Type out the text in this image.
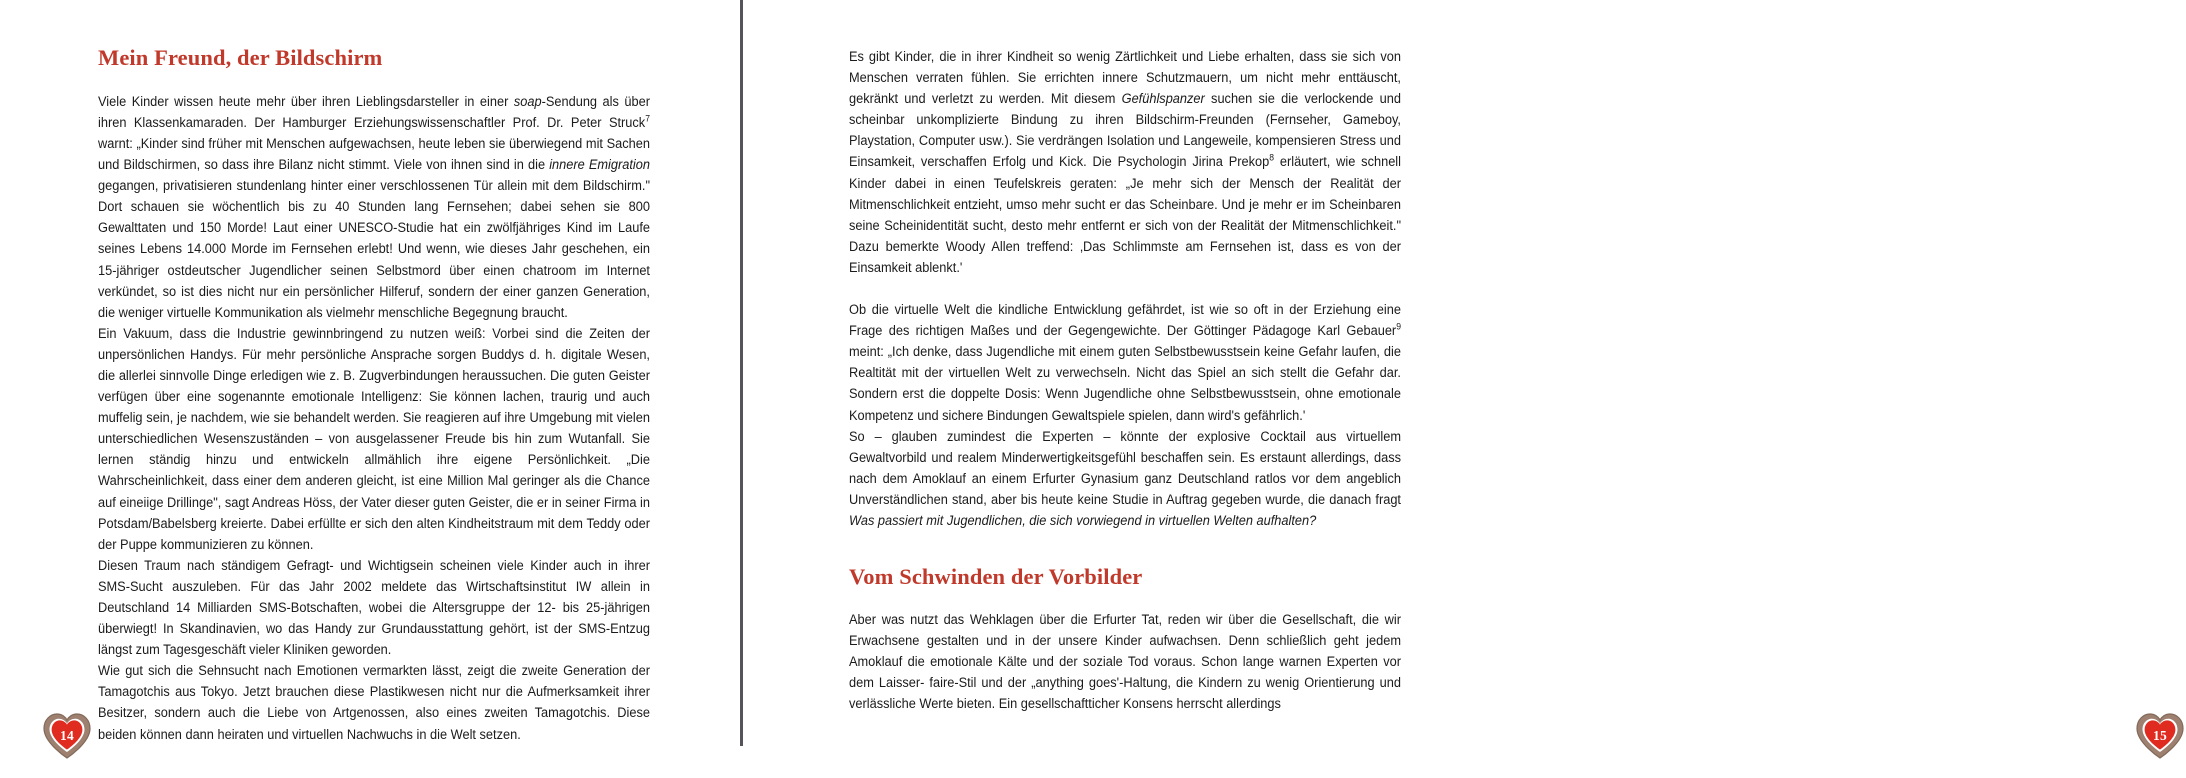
Mein Freund, der Bildschirm

Viele Kinder wissen heute mehr über ihren Lieblingsdarsteller in einer soap-Sendung als über ihren Klassenkamaraden. Der Hamburger Erziehungswissenschaftler Prof. Dr. Peter Struck$^7$ warnt: „Kinder sind früher mit Menschen aufgewachsen, heute leben sie überwiegend mit Sachen und Bildschirmen, so dass ihre Bilanz nicht stimmt. Viele von ihnen sind in die innere Emigration gegangen, privatisieren stundenlang hinter einer verschlossenen Tür allein mit dem Bildschirm." Dort schauen sie wöchentlich bis zu 40 Stunden lang Fernsehen; dabei sehen sie 800 Gewalttaten und 150 Morde! Laut einer UNESCO-Studie hat ein zwölfjähriges Kind im Laufe seines Lebens 14.000 Morde im Fernsehen erlebt! Und wenn, wie dieses Jahr geschehen, ein 15-jähriger ostdeutscher Jugendlicher seinen Selbstmord über einen chatroom im Internet verkündet, so ist dies nicht nur ein persönlicher Hilferuf, sondern der einer ganzen Generation, die weniger virtuelle Kommunikation als vielmehr menschliche Begegnung braucht.

Ein Vakuum, dass die Industrie gewinnbringend zu nutzen weiß: Vorbei sind die Zeiten der unpersönlichen Handys. Für mehr persönliche Ansprache sorgen Buddys d. h. digitale Wesen, die allerlei sinnvolle Dinge erledigen wie z. B. Zugverbindungen heraussuchen. Die guten Geister verfügen über eine sogenannte emotionale Intelligenz: Sie können lachen, traurig und auch muffelig sein, je nachdem, wie sie behandelt werden. Sie reagieren auf ihre Umgebung mit vielen unterschiedlichen Wesenszuständen – von ausgelassener Freude bis hin zum Wutanfall. Sie lernen ständig hinzu und entwickeln allmählich ihre eigene Persönlichkeit. „Die Wahrscheinlichkeit, dass einer dem anderen gleicht, ist eine Million Mal geringer als die Chance auf eineiige Drillinge", sagt Andreas Höss, der Vater dieser guten Geister, die er in seiner Firma in Potsdam/Babelsberg kreierte. Dabei erfüllte er sich den alten Kindheitstraum mit dem Teddy oder der Puppe kommunizieren zu können.

Diesen Traum nach ständigem Gefragt- und Wichtigsein scheinen viele Kinder auch in ihrer SMS-Sucht auszuleben. Für das Jahr 2002 meldete das Wirtschaftsinstitut IW allein in Deutschland 14 Milliarden SMS-Botschaften, wobei die Altersgruppe der 12- bis 25-jährigen überwiegt! In Skandinavien, wo das Handy zur Grundausstattung gehört, ist der SMS-Entzug längst zum Tagesgeschäft vieler Kliniken geworden.

Wie gut sich die Sehnsucht nach Emotionen vermarkten lässt, zeigt die zweite Generation der Tamagotchis aus Tokyo. Jetzt brauchen diese Plastikwesen nicht nur die Aufmerksamkeit ihrer Besitzer, sondern auch die Liebe von Artgenossen, also eines zweiten Tamagotchis. Diese beiden können dann heiraten und virtuellen Nachwuchs in die Welt setzen.

14

Es gibt Kinder, die in ihrer Kindheit so wenig Zärtlichkeit und Liebe erhalten, dass sie sich von Menschen verraten fühlen. Sie errichten innere Schutzmauern, um nicht mehr enttäuscht, gekränkt und verletzt zu werden. Mit diesem Gefühlspanzer suchen sie die verlockende und scheinbar unkomplizierte Bindung zu ihren Bildschirm-Freunden (Fernseher, Gameboy, Playstation, Computer usw.). Sie verdrängen Isolation und Langeweile, kompensieren Stress und Einsamkeit, verschaffen Erfolg und Kick. Die Psychologin Jirina Prekop$^8$ erläutert, wie schnell Kinder dabei in einen Teufelskreis geraten: „Je mehr sich der Mensch der Realität der Mitmenschlichkeit entzieht, umso mehr sucht er das Scheinbare. Und je mehr er im Scheinbaren seine Scheinidentität sucht, desto mehr entfernt er sich von der Realität der Mitmenschlichkeit." Dazu bemerkte Woody Allen treffend: ‚Das Schlimmste am Fernsehen ist, dass es von der Einsamkeit ablenkt.'

Ob die virtuelle Welt die kindliche Entwicklung gefährdet, ist wie so oft in der Erziehung eine Frage des richtigen Maßes und der Gegengewichte. Der Göttinger Pädagoge Karl Gebauer$^9$ meint: „Ich denke, dass Jugendliche mit einem guten Selbstbewusstsein keine Gefahr laufen, die Realtität mit der virtuellen Welt zu verwechseln. Nicht das Spiel an sich stellt die Gefahr dar. Sondern erst die doppelte Dosis: Wenn Jugendliche ohne Selbstbewusstsein, ohne emotionale Kompetenz und sichere Bindungen Gewaltspiele spielen, dann wird's gefährlich.'

So – glauben zumindest die Experten – könnte der explosive Cocktail aus virtuellem Gewaltvorbild und realem Minderwertigkeitsgefühl beschaffen sein. Es erstaunt allerdings, dass nach dem Amoklauf an einem Erfurter Gynasium ganz Deutschland ratlos vor dem angeblich Unverständlichen stand, aber bis heute keine Studie in Auftrag gegeben wurde, die danach fragt Was passiert mit Jugendlichen, die sich vorwiegend in virtuellen Welten aufhalten?

Vom Schwinden der Vorbilder

Aber was nutzt das Wehklagen über die Erfurter Tat, reden wir über die Gesellschaft, die wir Erwachsene gestalten und in der unsere Kinder aufwachsen. Denn schließlich geht jedem Amoklauf die emotionale Kälte und der soziale Tod voraus. Schon lange warnen Experten vor dem Laisser- faire-Stil und der „anything goes'-Haltung, die Kindern zu wenig Orientierung und verlässliche Werte bieten. Ein gesellschaftticher Konsens herrscht allerdings

15
